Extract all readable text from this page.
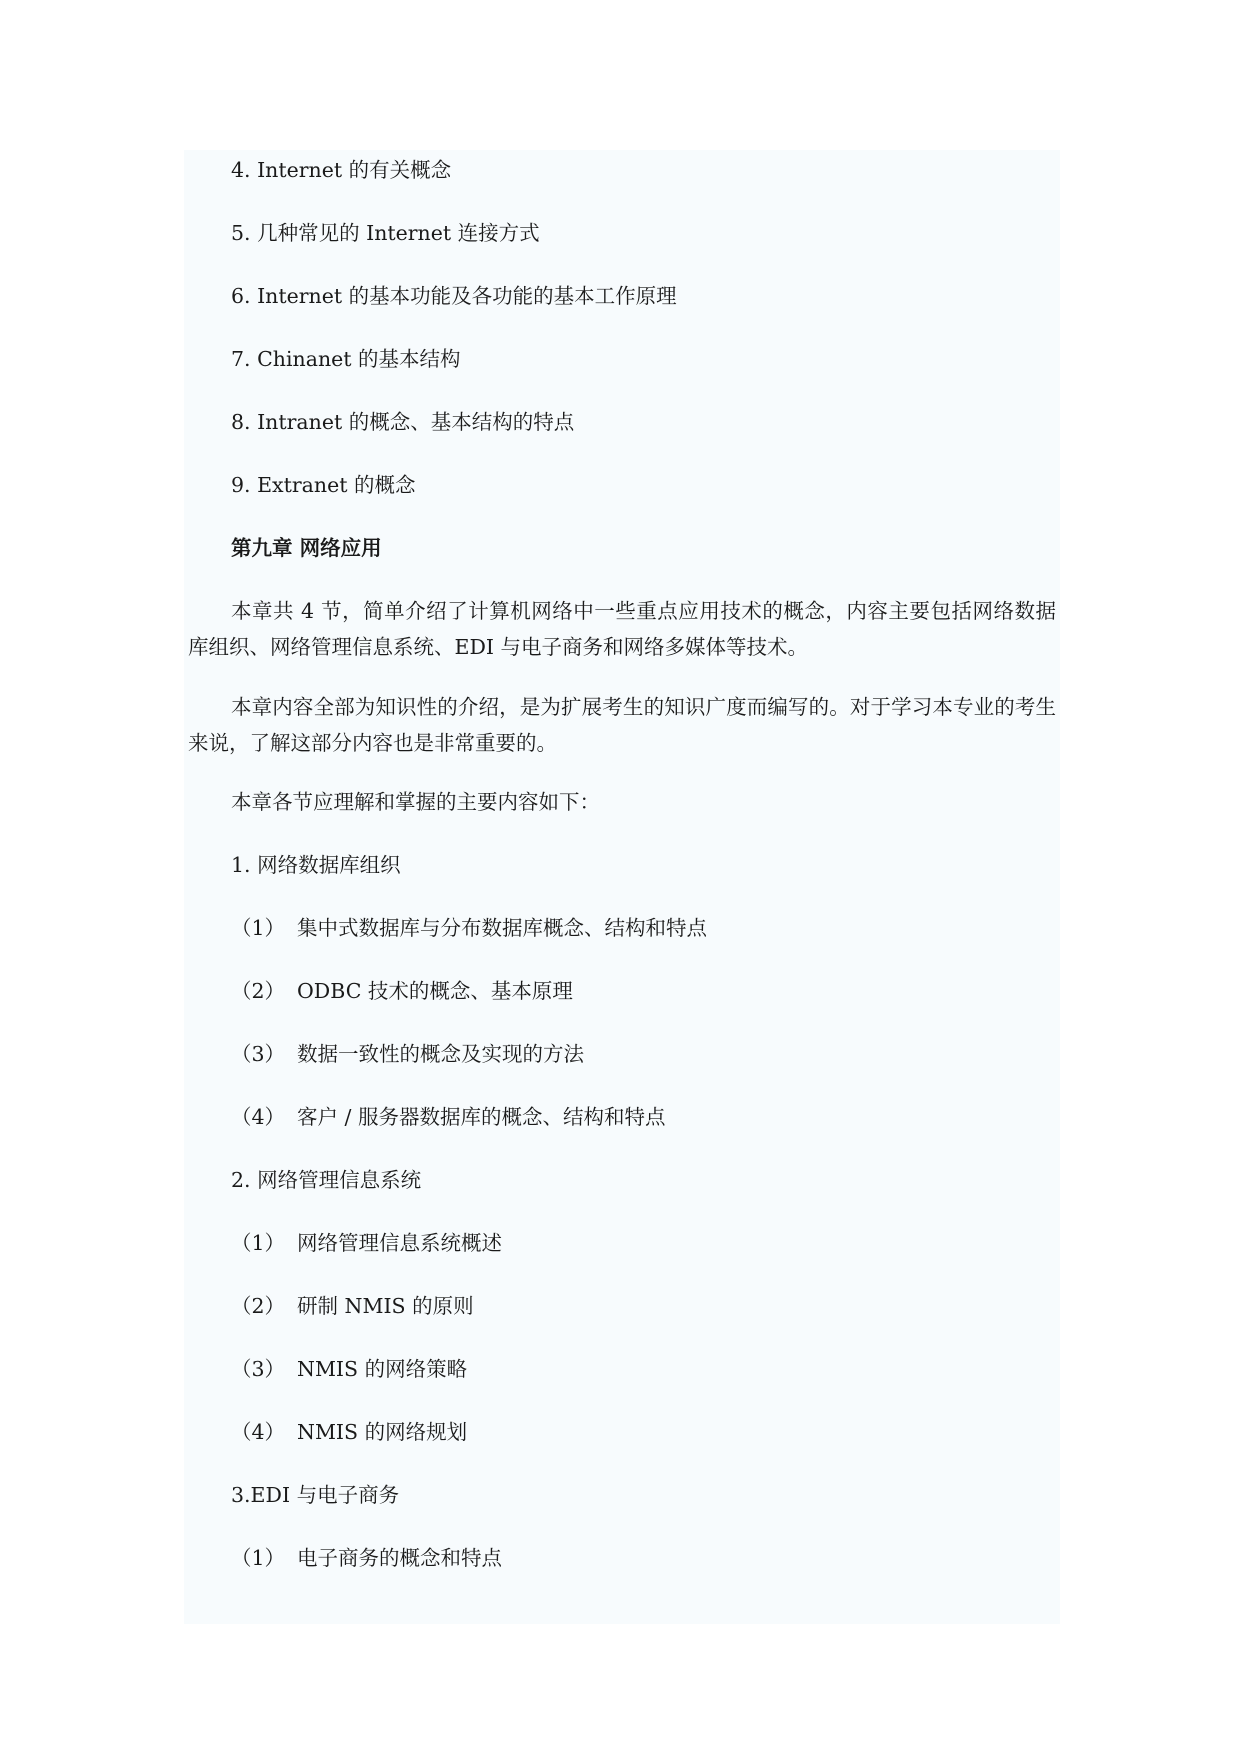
4. Internet 的有关概念
5. 几种常见的 Internet 连接方式
6. Internet 的基本功能及各功能的基本工作原理
7. Chinanet 的基本结构
8. Intranet 的概念、基本结构的特点
9. Extranet 的概念
第九章 网络应用
本章共 4 节，简单介绍了计算机网络中一些重点应用技术的概念，内容主要包括网络数据库组织、网络管理信息系统、EDI 与电子商务和网络多媒体等技术。
本章内容全部为知识性的介绍，是为扩展考生的知识广度而编写的。对于学习本专业的考生来说，了解这部分内容也是非常重要的。
本章各节应理解和掌握的主要内容如下：
1. 网络数据库组织
（1） 集中式数据库与分布数据库概念、结构和特点
（2） ODBC 技术的概念、基本原理
（3） 数据一致性的概念及实现的方法
（4） 客户 / 服务器数据库的概念、结构和特点
2. 网络管理信息系统
（1） 网络管理信息系统概述
（2） 研制 NMIS 的原则
（3） NMIS 的网络策略
（4） NMIS 的网络规划
3.EDI 与电子商务
（1） 电子商务的概念和特点
